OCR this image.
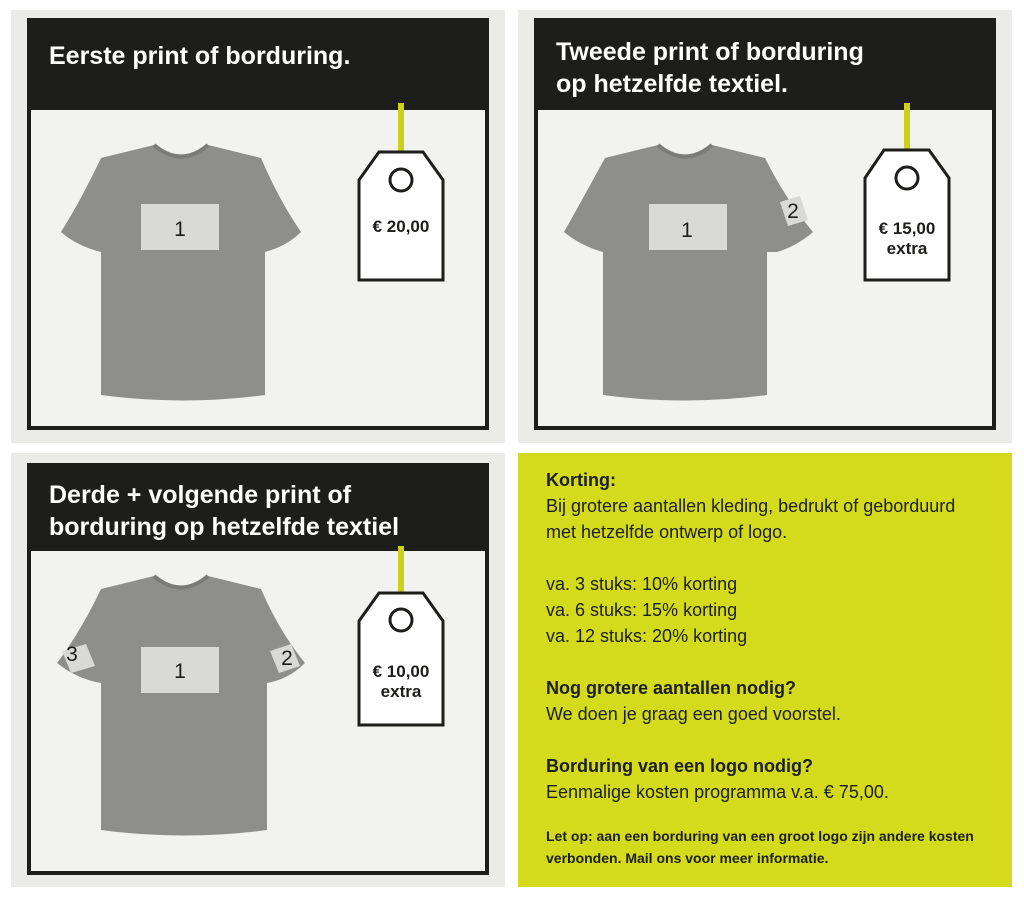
Eerste print of borduring.
1	€ 20,00
Tweede print of borduring
op hetzelfde textiel.
1
2
€ 15,00
extra
Derde + volgende print of
borduring op hetzelfde textiel
1
2
3
€ 10,00
extra
Korting:
Bij grotere aantallen kleding, bedrukt of geborduurd met hetzelfde ontwerp of logo.
va. 3 stuks: 10% korting
va. 6 stuks: 15% korting
va. 12 stuks: 20% korting
Nog grotere aantallen nodig?
We doen je graag een goed voorstel.
Borduring van een logo nodig?
Eenmalige kosten programma v.a. € 75,00.
Let op: aan een borduring van een groot logo zijn andere kosten verbonden. Mail ons voor meer informatie.
